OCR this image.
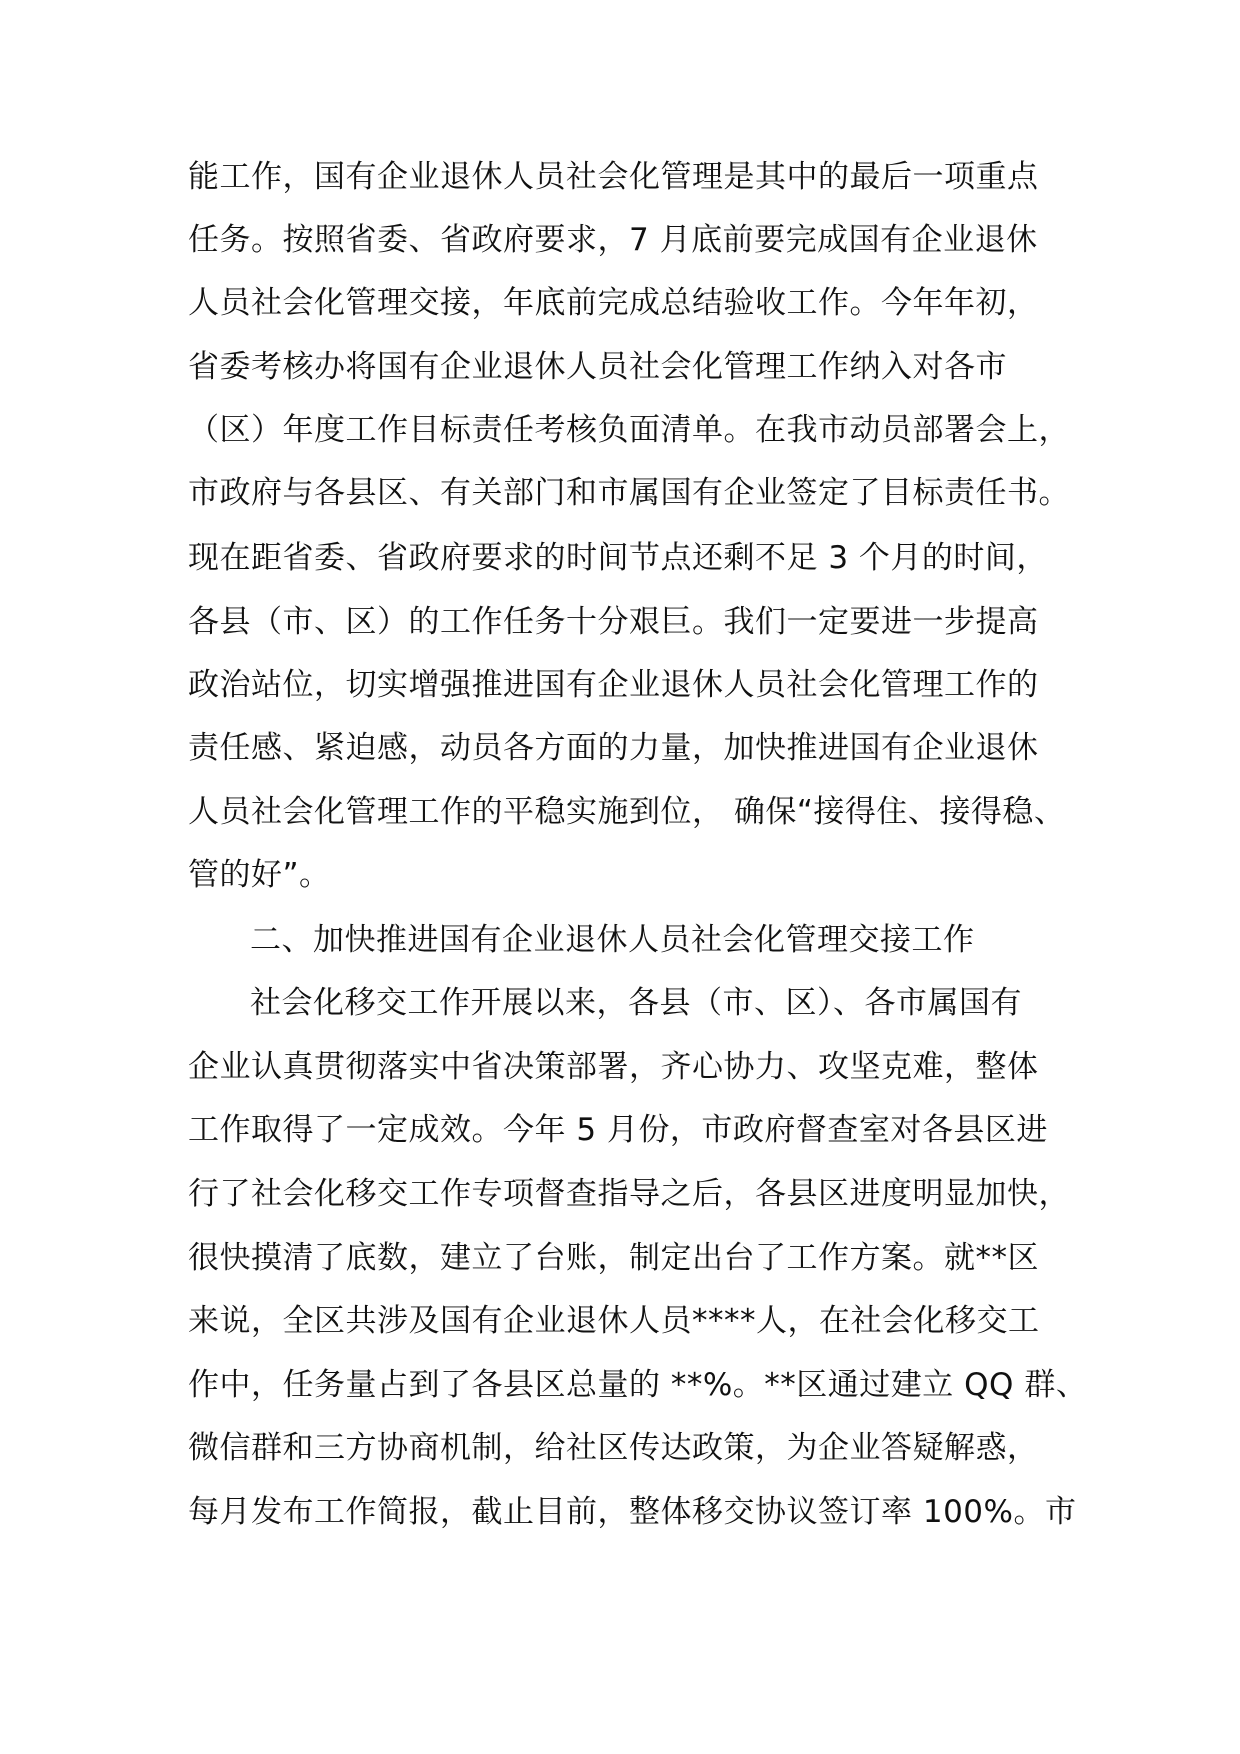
能工作，国有企业退休人员社会化管理是其中的最后一项重点
任务。按照省委、省政府要求，7 月底前要完成国有企业退休
人员社会化管理交接，年底前完成总结验收工作。今年年初，
省委考核办将国有企业退休人员社会化管理工作纳入对各市
（区）年度工作目标责任考核负面清单。在我市动员部署会上，
市政府与各县区、有关部门和市属国有企业签定了目标责任书。
现在距省委、省政府要求的时间节点还剩不足 3 个月的时间，
各县（市、区）的工作任务十分艰巨。我们一定要进一步提高
政治站位，切实增强推进国有企业退休人员社会化管理工作的
责任感、紧迫感，动员各方面的力量，加快推进国有企业退休
人员社会化管理工作的平稳实施到位， 确保“接得住、接得稳、
管的好”。
二、加快推进国有企业退休人员社会化管理交接工作
社会化移交工作开展以来，各县（市、区）、各市属国有
企业认真贯彻落实中省决策部署，齐心协力、攻坚克难，整体
工作取得了一定成效。今年 5 月份，市政府督查室对各县区进
行了社会化移交工作专项督查指导之后，各县区进度明显加快，
很快摸清了底数，建立了台账，制定出台了工作方案。就**区
来说，全区共涉及国有企业退休人员****人，在社会化移交工
作中，任务量占到了各县区总量的 **%。**区通过建立 QQ 群、
微信群和三方协商机制，给社区传达政策，为企业答疑解惑，
每月发布工作简报，截止目前，整体移交协议签订率 100%。市
